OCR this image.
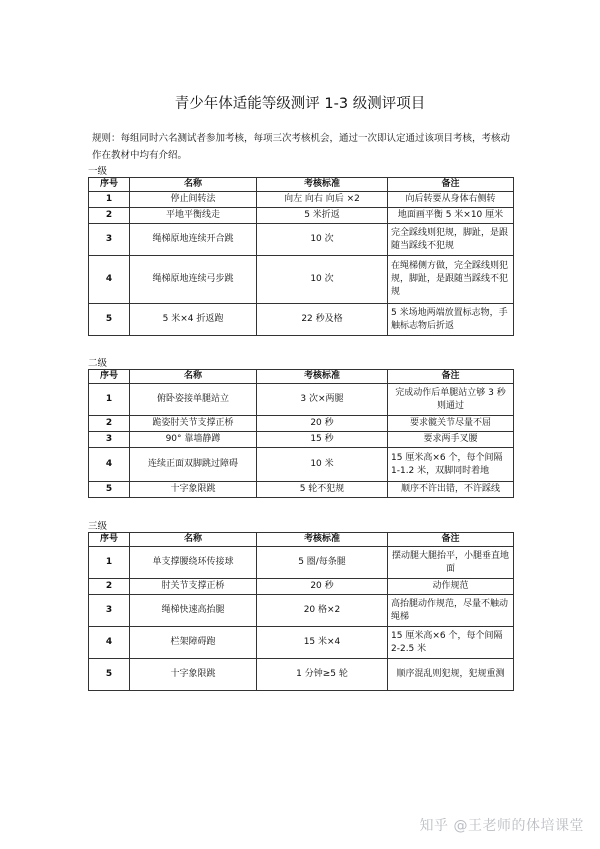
青少年体适能等级测评 1-3 级测评项目
规则：每组同时六名测试者参加考核，每项三次考核机会，通过一次即认定通过该项目考核，考核动作在教材中均有介绍。
一级
序号	名称	考核标准	备注
1	停止间转法	向左 向右 向后 ×2	向后转要从身体右侧转
2	平地平衡线走	5 米折返	地面画平衡 5 米×10 厘米
3	绳梯原地连续开合跳	10 次	完全踩线则犯规，脚趾，是跟随当踩线不犯规
4	绳梯原地连续弓步跳	10 次	在绳梯侧方做，完全踩线则犯规，脚趾，是跟随当踩线不犯规
5	5 米×4 折返跑	22 秒及格	5 米场地两端放置标志物，手触标志物后折返
二级
序号	名称	考核标准	备注
1	俯卧姿接单腿站立	3 次×两腿	完成动作后单腿站立够 3 秒则通过
2	跪姿肘关节支撑正桥	20 秒	要求髋关节尽量不屈
3	90° 靠墙静蹲	15 秒	要求两手叉腰
4	连续正面双脚跳过障碍	10 米	15 厘米高×6 个，每个间隔 1-1.2 米，双脚同时着地
5	十字象限跳	5 轮不犯规	顺序不许出错，不许踩线
三级
序号	名称	考核标准	备注
1	单支撑腰绕环传接球	5 圈/每条腿	摆动腿大腿抬平，小腿垂直地面
2	肘关节支撑正桥	20 秒	动作规范
3	绳梯快速高抬腿	20 格×2	高抬腿动作规范，尽量不触动绳梯
4	栏架障碍跑	15 米×4	15 厘米高×6 个，每个间隔 2-2.5 米
5	十字象限跳	1 分钟≥5 轮	顺序混乱则犯规，犯规重测
知乎 @王老师的体培课堂
